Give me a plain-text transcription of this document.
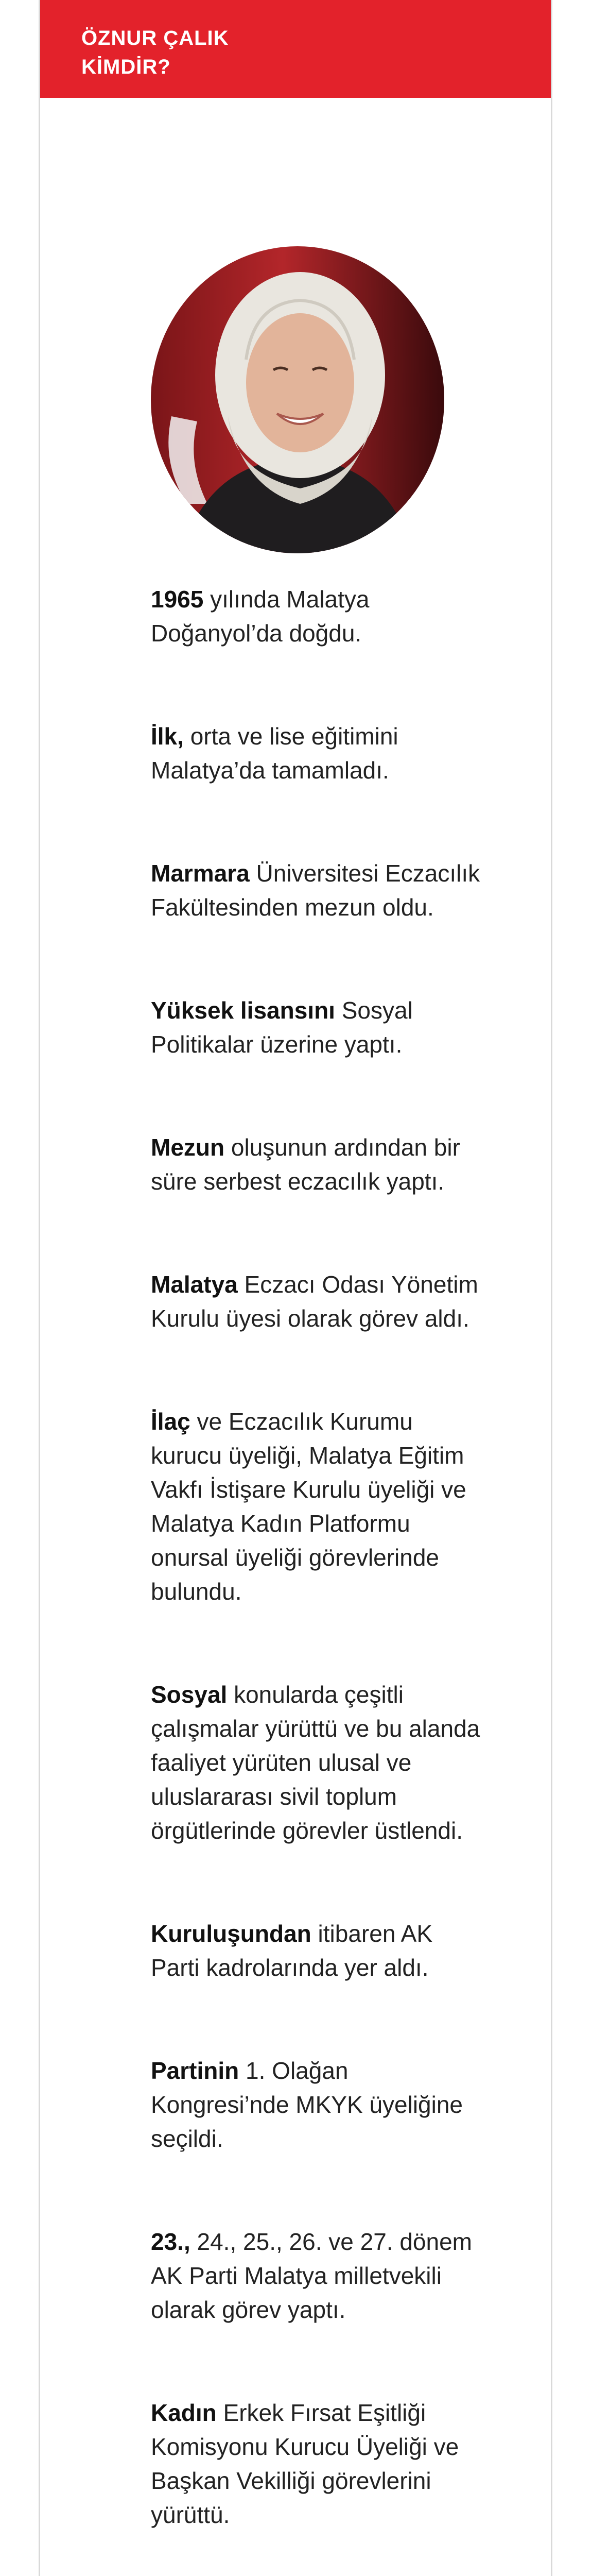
ÖZNUR ÇALIK
KİMDİR?

1965 yılında Malatya Doğanyol’da doğdu.

İlk, orta ve lise eğitimini Malatya’da tamamladı.

Marmara Üniversitesi Eczacılık Fakültesinden mezun oldu.

Yüksek lisansını Sosyal Politikalar üzerine yaptı.

Mezun oluşunun ardından bir süre serbest eczacılık yaptı.

Malatya Eczacı Odası Yönetim Kurulu üyesi olarak görev aldı.

İlaç ve Eczacılık Kurumu kurucu üyeliği, Malatya Eğitim Vakfı İstişare Kurulu üyeliği ve Malatya Kadın Platformu onursal üyeliği görevlerinde bulundu.

Sosyal konularda çeşitli çalışmalar yürüttü ve bu alanda faaliyet yürüten ulusal ve uluslararası sivil toplum örgütlerinde görevler üstlendi.

Kuruluşundan itibaren AK Parti kadrolarında yer aldı.

Partinin 1. Olağan Kongresi’nde MKYK üyeliğine seçildi.

23., 24., 25., 26. ve 27. dönem AK Parti Malatya milletvekili olarak görev yaptı.

Kadın Erkek Fırsat Eşitliği Komisyonu Kurucu Üyeliği ve Başkan Vekilliği görevlerini yürüttü.
